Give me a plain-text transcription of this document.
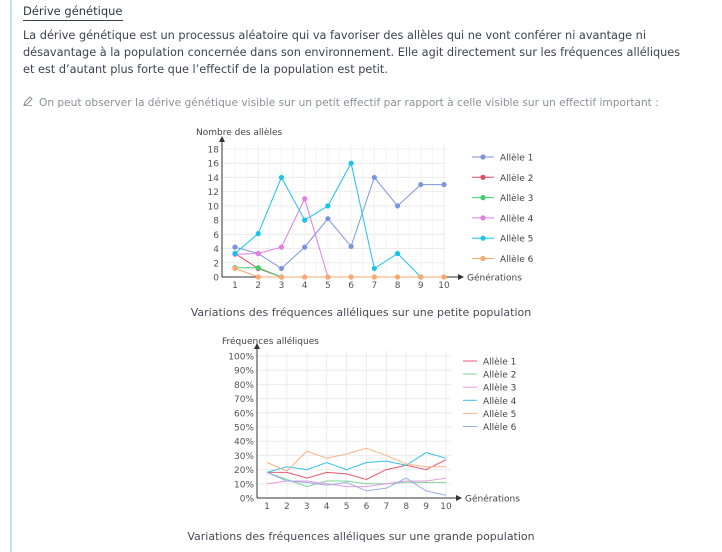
Dérive génétique

La dérive génétique est un processus aléatoire qui va favoriser des allèles qui ne vont conférer ni avantage ni désavantage à la population concernée dans son environnement. Elle agit directement sur les fréquences alléliques et est d’autant plus forte que l’effectif de la population est petit.

On peut observer la dérive génétique visible sur un petit effectif par rapport à celle visible sur un effectif important :
0
2
4
6
8
10
12
14
16
18
1 2 3 4 5 6 7 8 9 10
Nombre des allèles
Générations
Allèle 1
Allèle 2
Allèle 3
Allèle 4
Allèle 5
Allèle 6
Variations des fréquences alléliques sur une petite population
0%
10%
20%
30%
40%
50%
60%
70%
80%
90%
100%
1 2 3 4 5 6 7 8 9 10
Fréquences alléliques
Générations
Allèle 1
Allèle 2
Allèle 3
Allèle 4
Allèle 5
Allèle 6
Variations des fréquences alléliques sur une grande population
